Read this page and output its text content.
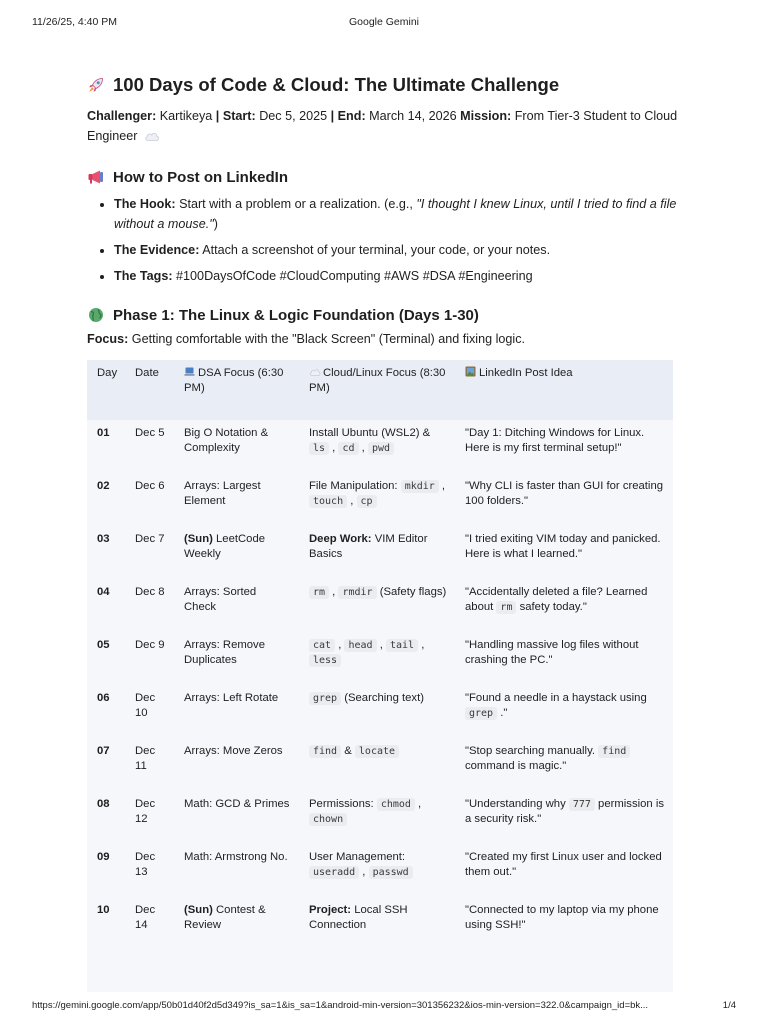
11/26/25, 4:40 PM	Google Gemini
100 Days of Code & Cloud: The Ultimate Challenge

Challenger: Kartikeya | Start: Dec 5, 2025 | End: March 14, 2026 Mission: From Tier-3 Student to Cloud Engineer

How to Post on LinkedIn
• The Hook: Start with a problem or a realization. (e.g., "I thought I knew Linux, until I tried to find a file without a mouse.")
• The Evidence: Attach a screenshot of your terminal, your code, or your notes.
• The Tags: #100DaysOfCode #CloudComputing #AWS #DSA #Engineering
Phase 1: The Linux & Logic Foundation (Days 1-30)

Focus: Getting comfortable with the "Black Screen" (Terminal) and fixing logic.

Day	Date	DSA Focus (6:30 PM)	Cloud/Linux Focus (8:30 PM)	LinkedIn Post Idea
01	Dec 5	Big O Notation & Complexity	Install Ubuntu (WSL2) & ls , cd , pwd	"Day 1: Ditching Windows for Linux. Here is my first terminal setup!"
02	Dec 6	Arrays: Largest Element	File Manipulation: mkdir , touch , cp	"Why CLI is faster than GUI for creating 100 folders."
03	Dec 7	(Sun) LeetCode Weekly	Deep Work: VIM Editor Basics	"I tried exiting VIM today and panicked. Here is what I learned."
04	Dec 8	Arrays: Sorted Check	rm , rmdir (Safety flags)	"Accidentally deleted a file? Learned about rm safety today."
05	Dec 9	Arrays: Remove Duplicates	cat , head , tail , less	"Handling massive log files without crashing the PC."
06	Dec 10	Arrays: Left Rotate	grep (Searching text)	"Found a needle in a haystack using grep ."
07	Dec 11	Arrays: Move Zeros	find & locate	"Stop searching manually. find command is magic."
08	Dec 12	Math: GCD & Primes	Permissions: chmod , chown	"Understanding why 777 permission is a security risk."
09	Dec 13	Math: Armstrong No.	User Management: useradd , passwd	"Created my first Linux user and locked them out."
10	Dec 14	(Sun) Contest & Review	Project: Local SSH Connection	"Connected to my laptop via my phone using SSH!"
https://gemini.google.com/app/50b01d40f2d5d349?is_sa=1&is_sa=1&android-min-version=301356232&ios-min-version=322.0&campaign_id=bk...	1/4
